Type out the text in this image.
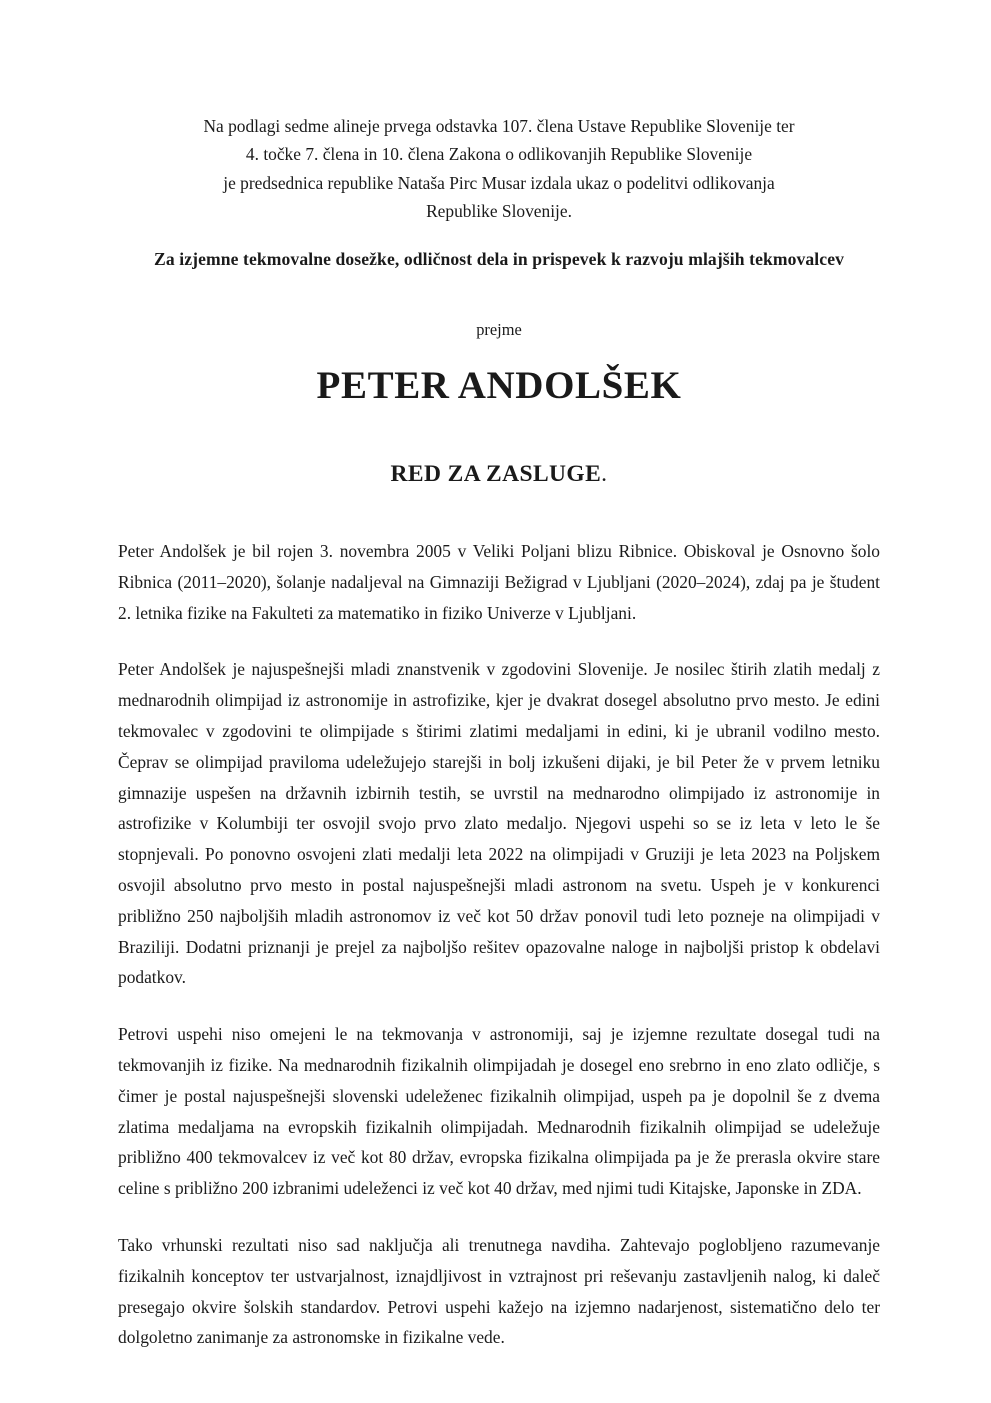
Na podlagi sedme alineje prvega odstavka 107. člena Ustave Republike Slovenije ter
4. točke 7. člena in 10. člena Zakona o odlikovanjih Republike Slovenije
je predsednica republike Nataša Pirc Musar izdala ukaz o podelitvi odlikovanja
Republike Slovenije.
Za izjemne tekmovalne dosežke, odličnost dela in prispevek k razvoju mlajših tekmovalcev
prejme
PETER ANDOLŠEK
RED ZA ZASLUGE.

Peter Andolšek je bil rojen 3. novembra 2005 v Veliki Poljani blizu Ribnice. Obiskoval je Osnovno šolo Ribnica (2011–2020), šolanje nadaljeval na Gimnaziji Bežigrad v Ljubljani (2020–2024), zdaj pa je študent 2. letnika fizike na Fakulteti za matematiko in fiziko Univerze v Ljubljani.

Peter Andolšek je najuspešnejši mladi znanstvenik v zgodovini Slovenije. Je nosilec štirih zlatih medalj z mednarodnih olimpijad iz astronomije in astrofizike, kjer je dvakrat dosegel absolutno prvo mesto. Je edini tekmovalec v zgodovini te olimpijade s štirimi zlatimi medaljami in edini, ki je ubranil vodilno mesto. Čeprav se olimpijad praviloma udeležujejo starejši in bolj izkušeni dijaki, je bil Peter že v prvem letniku gimnazije uspešen na državnih izbirnih testih, se uvrstil na mednarodno olimpijado iz astronomije in astrofizike v Kolumbiji ter osvojil svojo prvo zlato medaljo. Njegovi uspehi so se iz leta v leto le še stopnjevali. Po ponovno osvojeni zlati medalji leta 2022 na olimpijadi v Gruziji je leta 2023 na Poljskem osvojil absolutno prvo mesto in postal najuspešnejši mladi astronom na svetu. Uspeh je v konkurenci približno 250 najboljših mladih astronomov iz več kot 50 držav ponovil tudi leto pozneje na olimpijadi v Braziliji. Dodatni priznanji je prejel za najboljšo rešitev opazovalne naloge in najboljši pristop k obdelavi podatkov.

Petrovi uspehi niso omejeni le na tekmovanja v astronomiji, saj je izjemne rezultate dosegal tudi na tekmovanjih iz fizike. Na mednarodnih fizikalnih olimpijadah je dosegel eno srebrno in eno zlato odličje, s čimer je postal najuspešnejši slovenski udeleženec fizikalnih olimpijad, uspeh pa je dopolnil še z dvema zlatima medaljama na evropskih fizikalnih olimpijadah. Mednarodnih fizikalnih olimpijad se udeležuje približno 400 tekmovalcev iz več kot 80 držav, evropska fizikalna olimpijada pa je že prerasla okvire stare celine s približno 200 izbranimi udeleženci iz več kot 40 držav, med njimi tudi Kitajske, Japonske in ZDA.

Tako vrhunski rezultati niso sad naključja ali trenutnega navdiha. Zahtevajo poglobljeno razumevanje fizikalnih konceptov ter ustvarjalnost, iznajdljivost in vztrajnost pri reševanju zastavljenih nalog, ki daleč presegajo okvire šolskih standardov. Petrovi uspehi kažejo na izjemno nadarjenost, sistematično delo ter dolgoletno zanimanje za astronomske in fizikalne vede.
